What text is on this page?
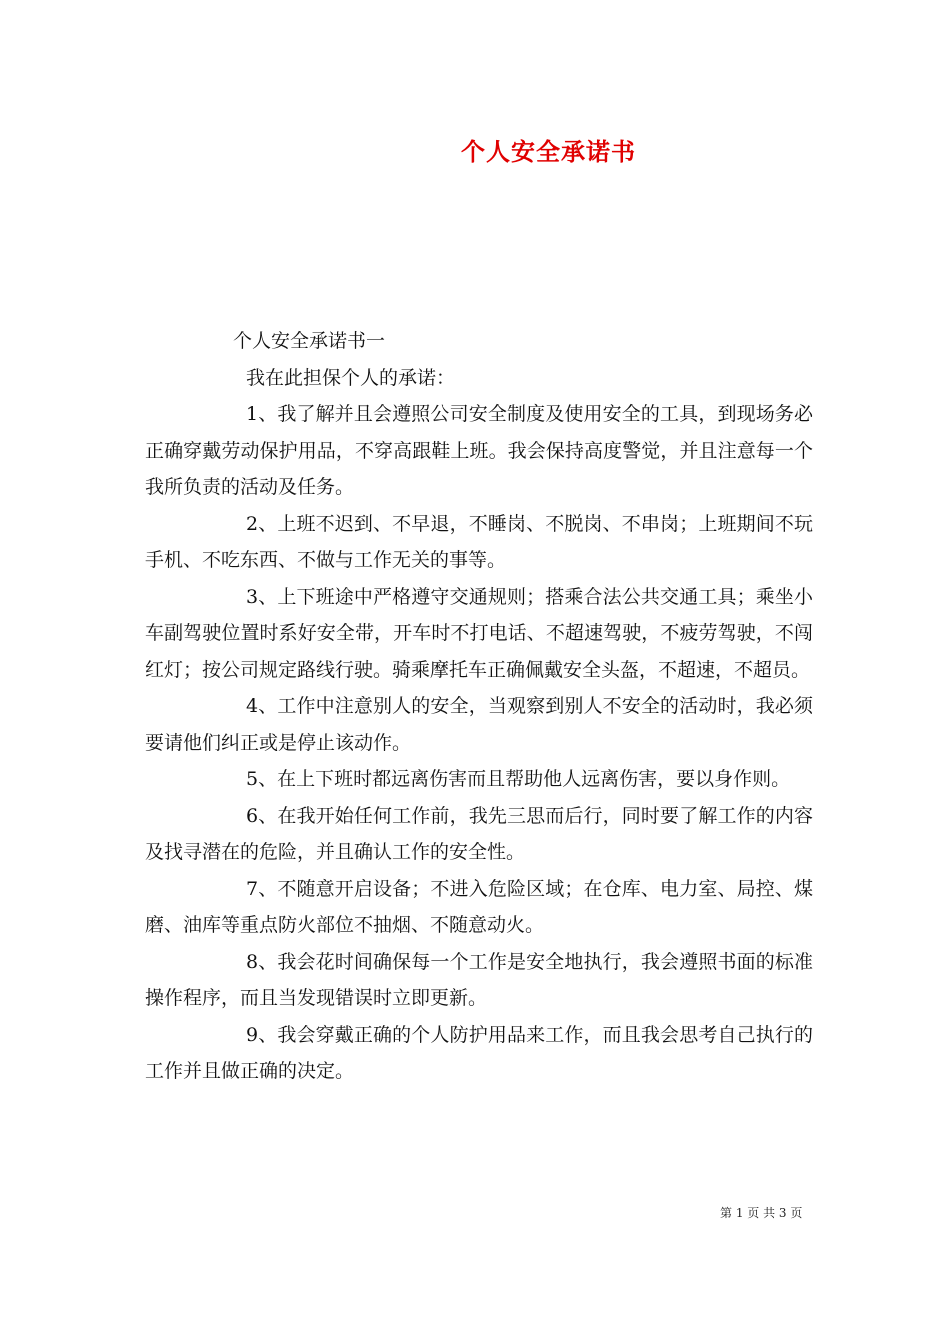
个人安全承诺书

个人安全承诺书一

我在此担保个人的承诺：

1、我了解并且会遵照公司安全制度及使用安全的工具，到现场务必正确穿戴劳动保护用品，不穿高跟鞋上班。我会保持高度警觉，并且注意每一个我所负责的活动及任务。

2、上班不迟到、不早退，不睡岗、不脱岗、不串岗；上班期间不玩手机、不吃东西、不做与工作无关的事等。

3、上下班途中严格遵守交通规则；搭乘合法公共交通工具；乘坐小车副驾驶位置时系好安全带，开车时不打电话、不超速驾驶，不疲劳驾驶，不闯红灯；按公司规定路线行驶。骑乘摩托车正确佩戴安全头盔，不超速，不超员。

4、工作中注意别人的安全，当观察到别人不安全的活动时，我必须要请他们纠正或是停止该动作。

5、在上下班时都远离伤害而且帮助他人远离伤害，要以身作则。

6、在我开始任何工作前，我先三思而后行，同时要了解工作的内容及找寻潜在的危险，并且确认工作的安全性。

7、不随意开启设备；不进入危险区域；在仓库、电力室、局控、煤磨、油库等重点防火部位不抽烟、不随意动火。

8、我会花时间确保每一个工作是安全地执行，我会遵照书面的标准操作程序，而且当发现错误时立即更新。

9、我会穿戴正确的个人防护用品来工作，而且我会思考自己执行的工作并且做正确的决定。

第 1 页 共 3 页
